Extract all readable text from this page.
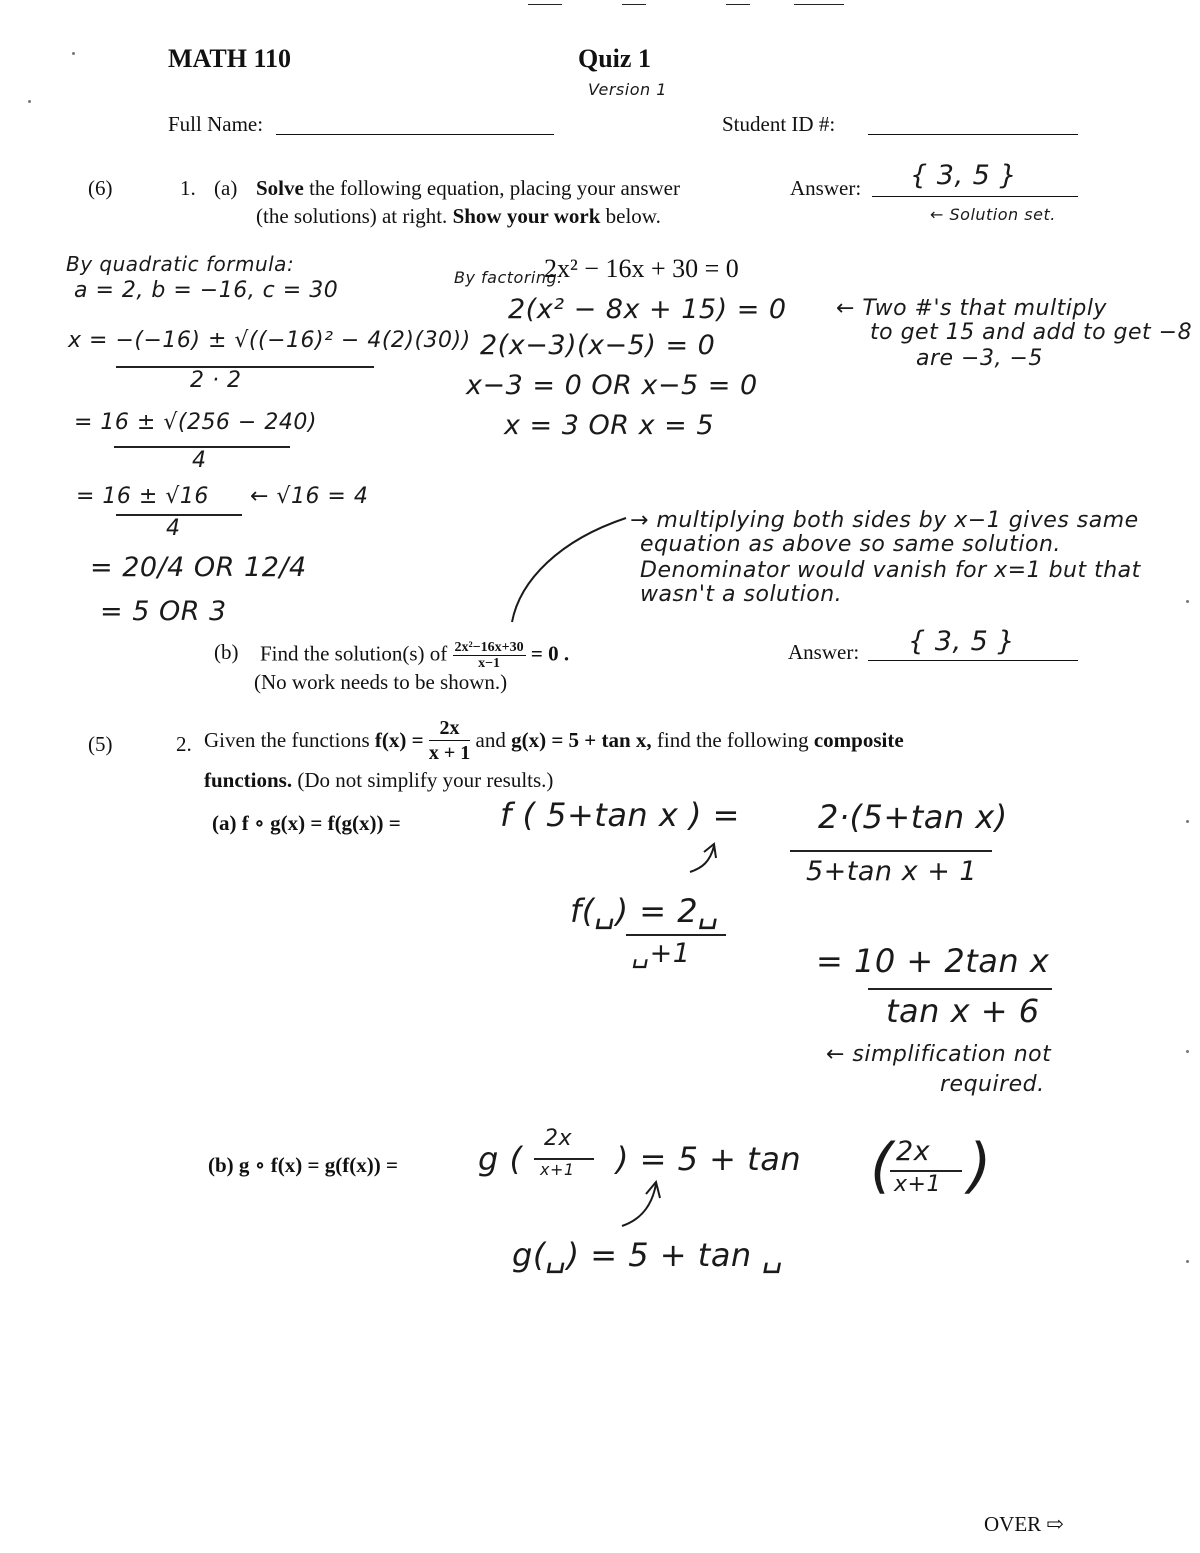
MATH 110	Quiz 1
Version 1
Full Name:	Student ID #:
(6)	1. (a) Solve the following equation, placing your answer
(the solutions) at right. Show your work below.
Answer: { 3, 5 }
← Solution set.
By quadratic formula:
a = 2, b = −16, c = 30
x = −(−16) ± √((−16)² − 4(2)(30))
2 · 2
= 16 ± √(256 − 240)
4
= 16 ± √16 ← √16 = 4
4
= 20/4 OR 12/4
= 5 OR 3
By factoring:
2x² − 16x + 30 = 0
2(x² − 8x + 15) = 0
2(x−3)(x−5) = 0
x−3 = 0 OR x−5 = 0
x = 3 OR x = 5
← Two #'s that multiply
to get 15 and add to get −8
are −3, −5
→ multiplying both sides by x−1 gives same
equation as above so same solution.
Denominator would vanish for x=1 but that
wasn't a solution.
(b) Find the solution(s) of $\frac{\text{2x²−16x+30}}{x-1} = 0$ .
(No work needs to be shown.)
Answer: { 3, 5 }
(5)	2. Given the functions $f(x) = \frac{2x}{x + 1}$ and g(x) = 5 + tan x, find the following composite
functions. (Do not simplify your results.)
(a) f ∘ g(x) = f(g(x)) =	f ( 5+tan x ) = 2·(5+tan x)
5+tan x + 1
f(␣) = 2␣
␣+1	= 10 + 2tan x
tan x + 6
← simplification not
required.
(b) g ∘ f(x) = g(f(x)) =	g (
2x
x+1 ) = 5 + tan ( 2x
x+1 )
g(␣) = 5 + tan ␣
OVER ⇨
